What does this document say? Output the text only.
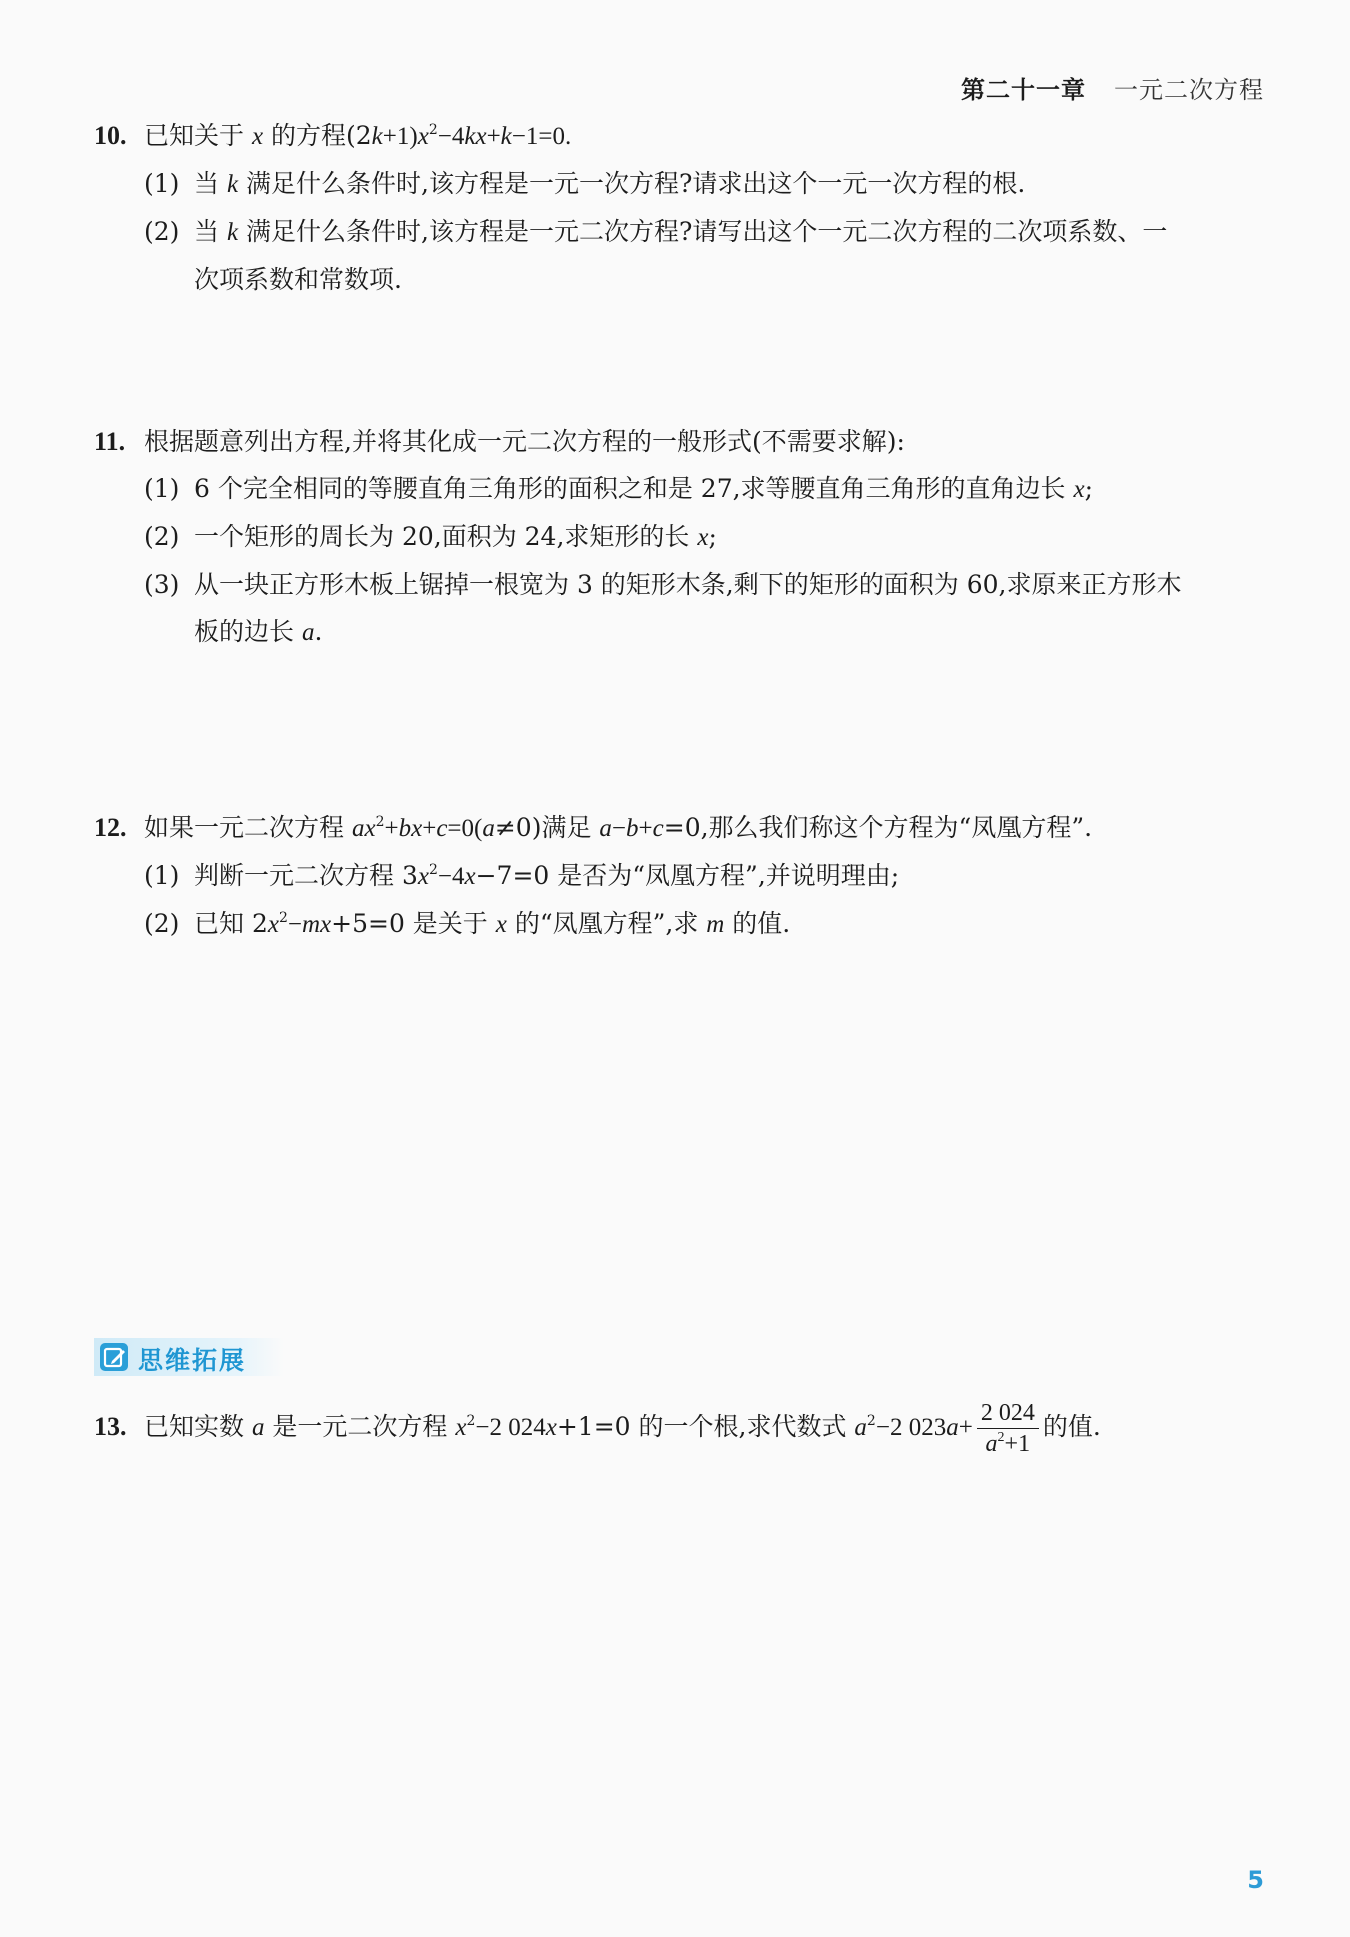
第二十一章 一元二次方程
10. 已知关于 x 的方程$(2k+1)x^2-4kx+k-1=0$.
(1) 当 k 满足什么条件时,该方程是一元一次方程?请求出这个一元一次方程的根.
(2) 当 k 满足什么条件时,该方程是一元二次方程?请写出这个一元二次方程的二次项系数、一
次项系数和常数项.
11. 根据题意列出方程,并将其化成一元二次方程的一般形式(不需要求解):
(1) 6 个完全相同的等腰直角三角形的面积之和是 27,求等腰直角三角形的直角边长 x;
(2) 一个矩形的周长为 20,面积为 24,求矩形的长 x;
(3) 从一块正方形木板上锯掉一根宽为 3 的矩形木条,剩下的矩形的面积为 60,求原来正方形木
板的边长 a.
12. 如果一元二次方程 $ax^2+bx+c=0(a\ne 0)$满足 a−b+c=0,那么我们称这个方程为“凤凰方程”.
(1) 判断一元二次方程 $3x^2-4x-7=0$ 是否为“凤凰方程”,并说明理由;
(2) 已知 $2x^2-mx+5=0$ 是关于 x 的“凤凰方程”,求 m 的值.
思维拓展
13. 已知实数 a 是一元二次方程 $x^2-2$ 024x+1=0 的一个根,求代数式 $a^2-2$ $023a+ \frac{2 024}{a^2+1}$ 的值.
5
